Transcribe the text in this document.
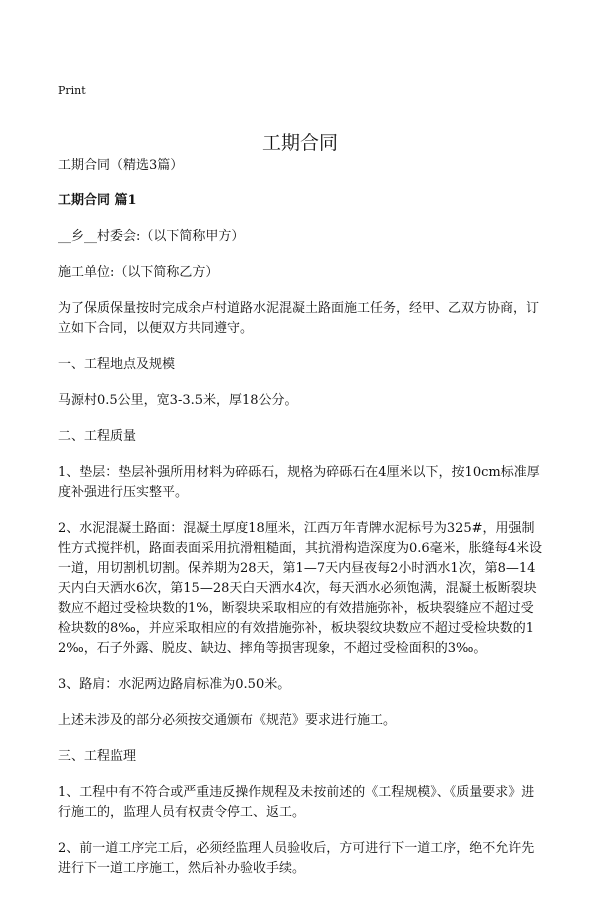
Print
工期合同

工期合同（精选3篇）

工期合同 篇1

__乡__村委会:（以下简称甲方）

施工单位:（以下简称乙方）

为了保质保量按时完成余卢村道路水泥混凝土路面施工任务，经甲、乙双方协商，订立如下合同，以便双方共同遵守。

一、工程地点及规模

马源村0.5公里，宽3-3.5米，厚18公分。

二、工程质量

1、垫层：垫层补强所用材料为碎砾石，规格为碎砾石在4厘米以下，按10cm标准厚度补强进行压实整平。

2、水泥混凝土路面：混凝土厚度18厘米，江西万年青牌水泥标号为325#，用强制性方式搅拌机，路面表面采用抗滑粗糙面，其抗滑构造深度为0.6毫米，胀缝每4米设一道，用切割机切割。保养期为28天，第1—7天内昼夜每2小时洒水1次，第8—14天内白天洒水6次，第15—28天白天洒水4次，每天洒水必须饱满，混凝土板断裂块数应不超过受检块数的1%，断裂块采取相应的有效措施弥补，板块裂缝应不超过受检块数的8‰，并应采取相应的有效措施弥补，板块裂纹块数应不超过受检块数的12‰，石子外露、脱皮、缺边、摔角等损害现象，不超过受检面积的3‰。

3、路肩：水泥两边路肩标准为0.50米。

上述未涉及的部分必须按交通颁布《规范》要求进行施工。

三、工程监理

1、工程中有不符合或严重违反操作规程及未按前述的《工程规模》、《质量要求》进行施工的，监理人员有权责令停工、返工。

2、前一道工序完工后，必须经监理人员验收后，方可进行下一道工序，绝不允许先进行下一道工序施工，然后补办验收手续。
